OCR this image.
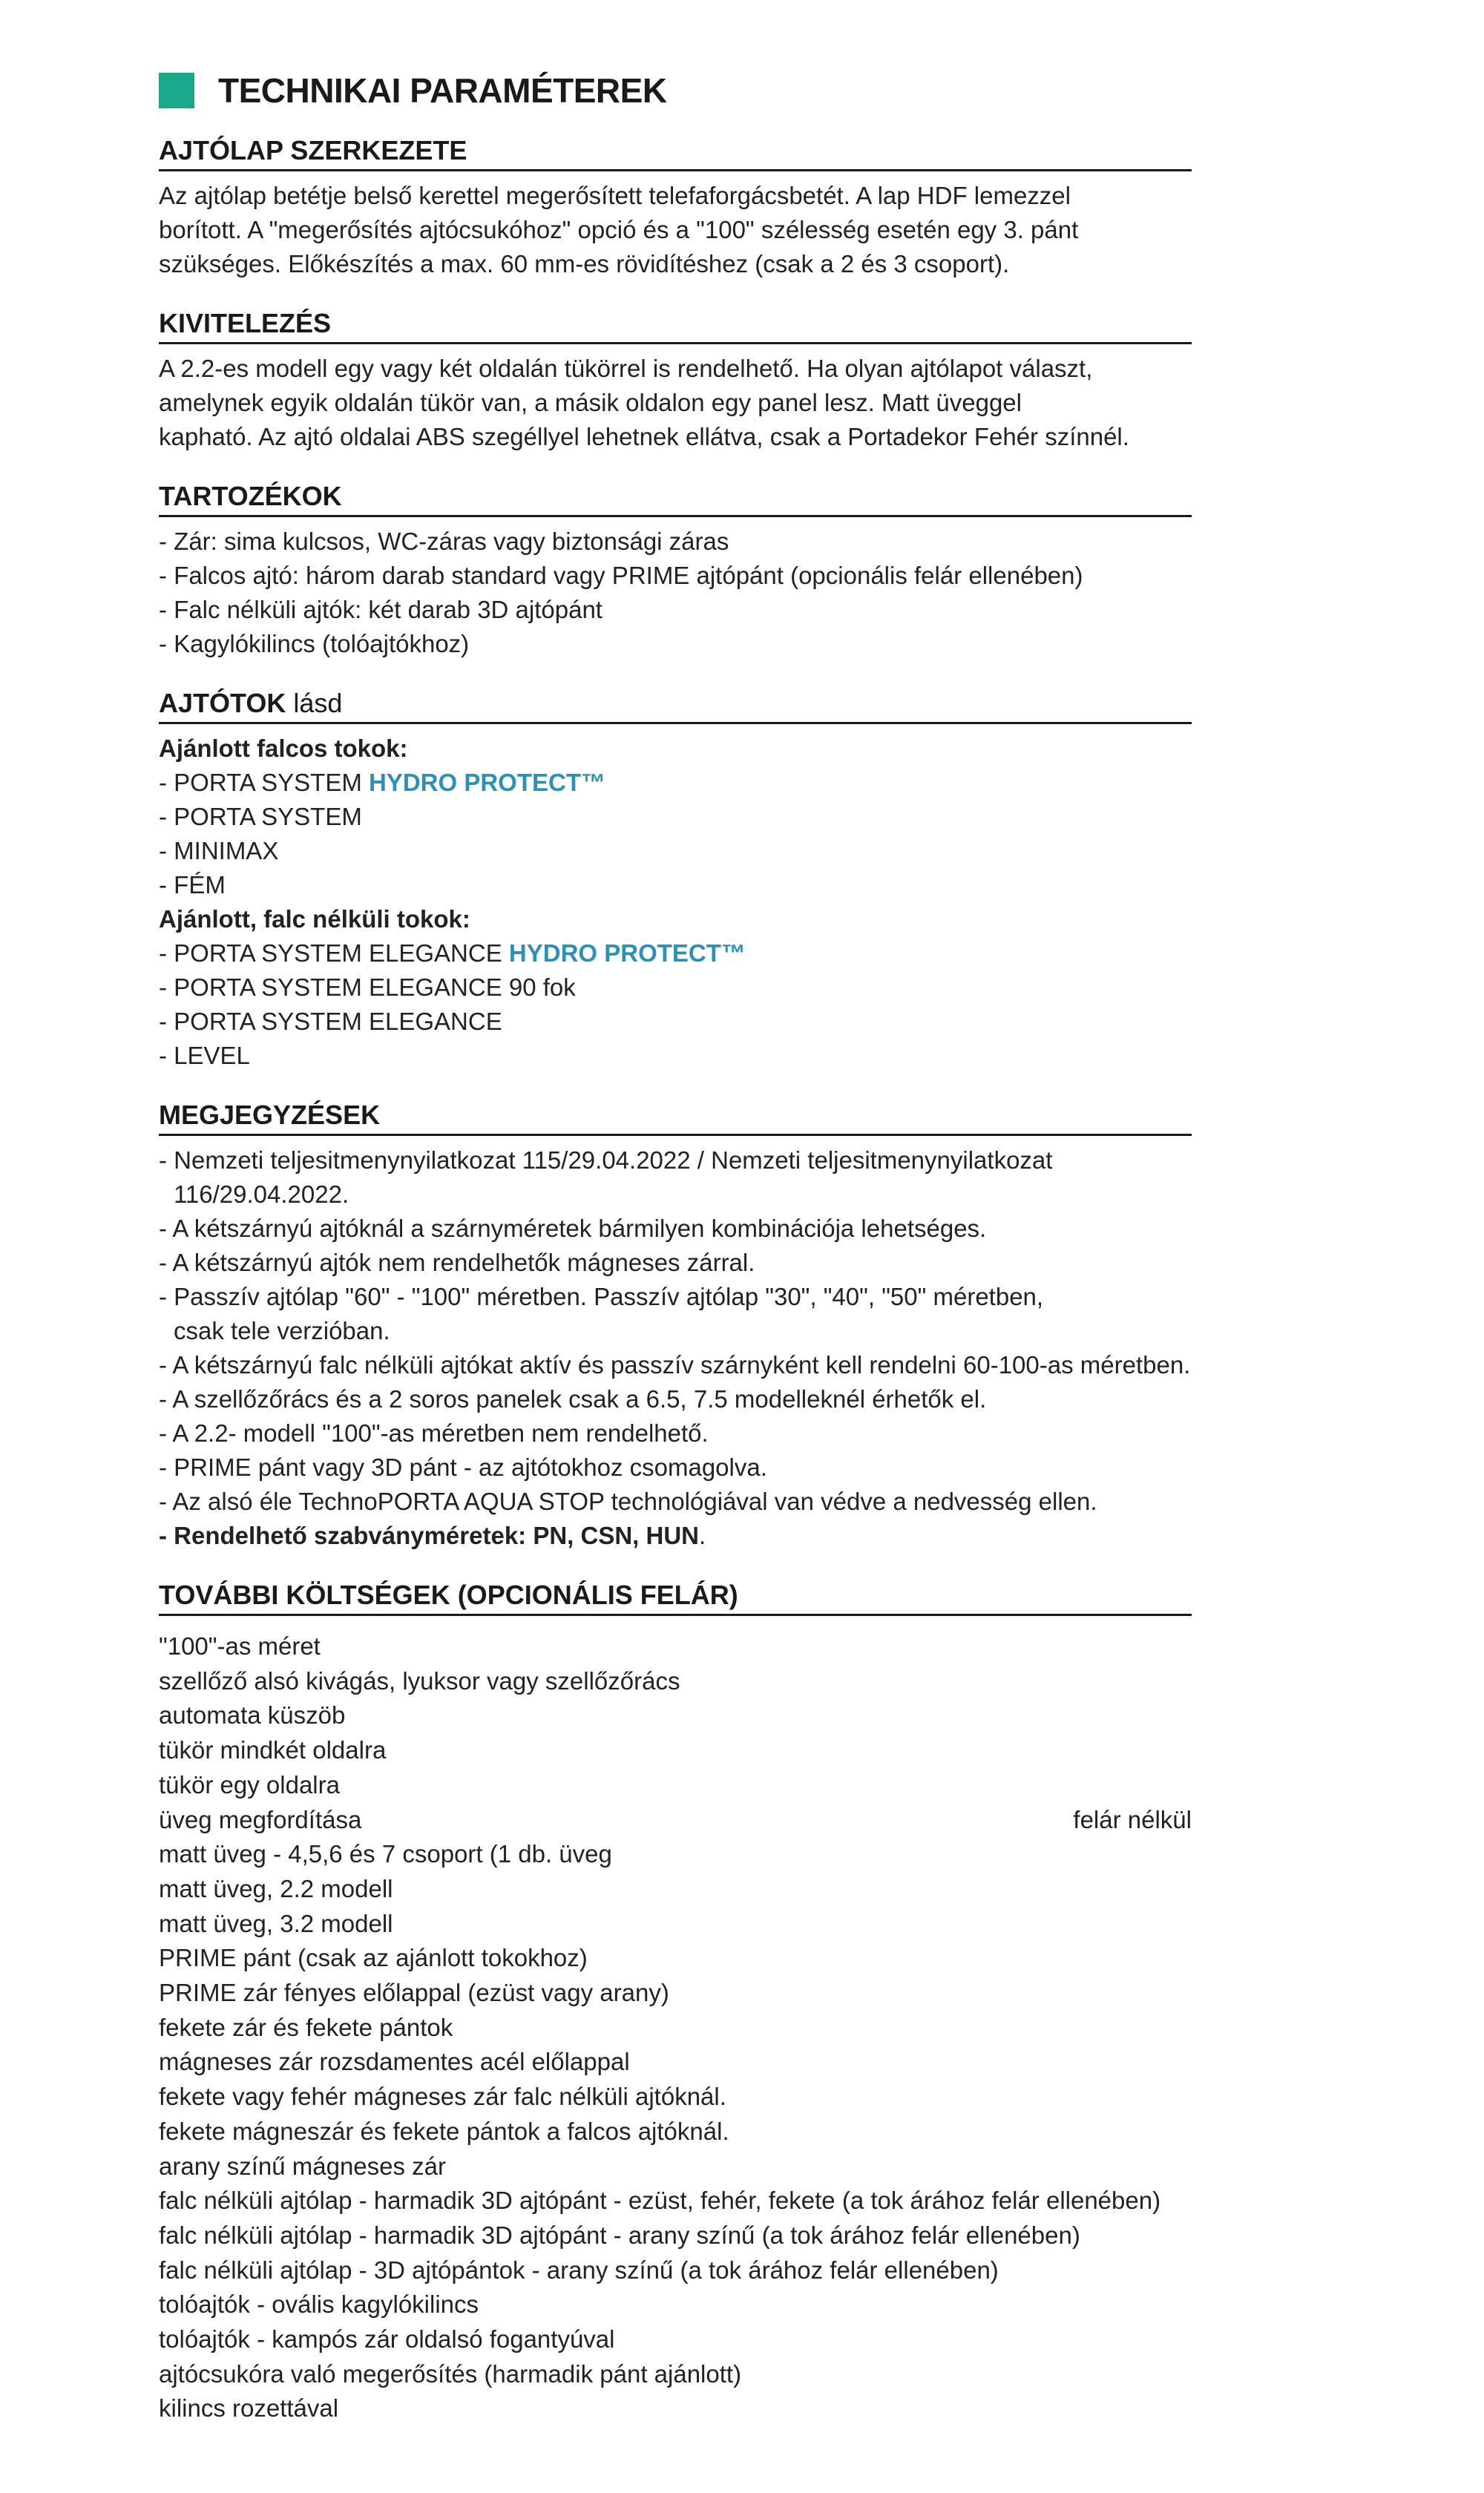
TECHNIKAI PARAMÉTEREK
AJTÓLAP SZERKEZETE
Az ajtólap betétje belső kerettel megerősített telefaforgácsbetét. A lap HDF lemezzel
borított. A "megerősítés ajtócsukóhoz" opció és a "100" szélesség esetén egy 3. pánt
szükséges. Előkészítés a max. 60 mm-es rövidítéshez (csak a 2 és 3 csoport).
KIVITELEZÉS
A 2.2-es modell egy vagy két oldalán tükörrel is rendelhető. Ha olyan ajtólapot választ,
amelynek egyik oldalán tükör van, a másik oldalon egy panel lesz. Matt üveggel
kapható. Az ajtó oldalai ABS szegéllyel lehetnek ellátva, csak a Portadekor Fehér színnél.
TARTOZÉKOK
- Zár: sima kulcsos, WC-záras vagy biztonsági záras
- Falcos ajtó: három darab standard vagy PRIME ajtópánt (opcionális felár ellenében)
- Falc nélküli ajtók: két darab 3D ajtópánt
- Kagylókilincs (tolóajtókhoz)
AJTÓTOK lásd
Ajánlott falcos tokok:
- PORTA SYSTEM HYDRO PROTECT™
- PORTA SYSTEM
- MINIMAX
- FÉM
Ajánlott, falc nélküli tokok:
- PORTA SYSTEM ELEGANCE HYDRO PROTECT™
- PORTA SYSTEM ELEGANCE 90 fok
- PORTA SYSTEM ELEGANCE
- LEVEL
MEGJEGYZÉSEK
- Nemzeti teljesitmenynyilatkozat 115/29.04.2022 / Nemzeti teljesitmenynyilatkozat
116/29.04.2022.
- A kétszárnyú ajtóknál a szárnyméretek bármilyen kombinációja lehetséges.
- A kétszárnyú ajtók nem rendelhetők mágneses zárral.
- Passzív ajtólap "60" - "100" méretben. Passzív ajtólap "30", "40", "50" méretben,
csak tele verzióban.
- A kétszárnyú falc nélküli ajtókat aktív és passzív szárnyként kell rendelni 60-100-as méretben.
- A szellőzőrács és a 2 soros panelek csak a 6.5, 7.5 modelleknél érhetők el.
- A 2.2- modell "100"-as méretben nem rendelhető.
- PRIME pánt vagy 3D pánt - az ajtótokhoz csomagolva.
- Az alsó éle TechnoPORTA AQUA STOP technológiával van védve a nedvesség ellen.
- Rendelhető szabványméretek: PN, CSN, HUN.
TOVÁBBI KÖLTSÉGEK (OPCIONÁLIS FELÁR)
"100"-as méret
szellőző alsó kivágás, lyuksor vagy szellőzőrács
automata küszöb
tükör mindkét oldalra
tükör egy oldalra
üveg megfordítása	felár nélkül
matt üveg - 4,5,6 és 7 csoport (1 db. üveg
matt üveg, 2.2 modell
matt üveg, 3.2 modell
PRIME pánt (csak az ajánlott tokokhoz)
PRIME zár fényes előlappal (ezüst vagy arany)
fekete zár és fekete pántok
mágneses zár rozsdamentes acél előlappal
fekete vagy fehér mágneses zár falc nélküli ajtóknál.
fekete mágneszár és fekete pántok a falcos ajtóknál.
arany színű mágneses zár
falc nélküli ajtólap - harmadik 3D ajtópánt - ezüst, fehér, fekete (a tok árához felár ellenében)
falc nélküli ajtólap - harmadik 3D ajtópánt - arany színű (a tok árához felár ellenében)
falc nélküli ajtólap - 3D ajtópántok - arany színű (a tok árához felár ellenében)
tolóajtók - ovális kagylókilincs
tolóajtók - kampós zár oldalsó fogantyúval
ajtócsukóra való megerősítés (harmadik pánt ajánlott)
kilincs rozettával
